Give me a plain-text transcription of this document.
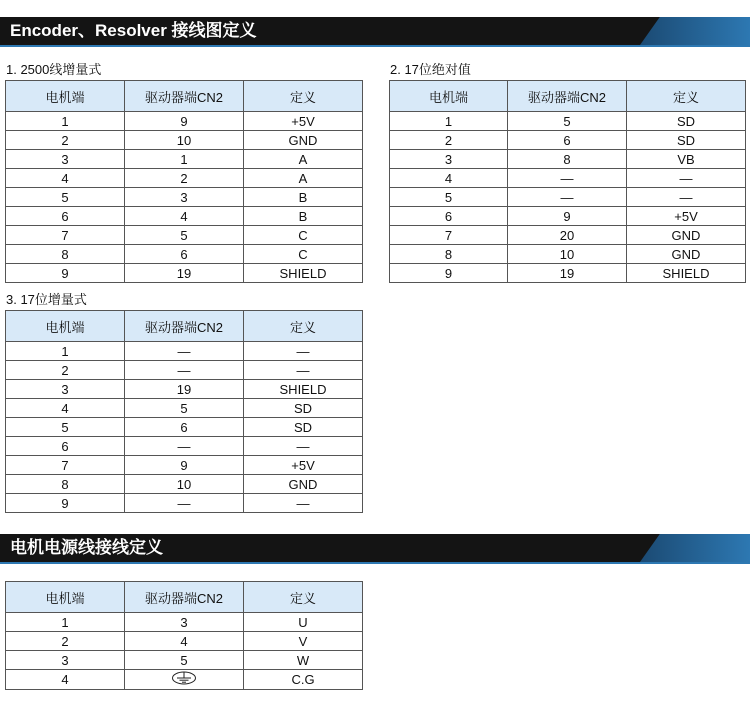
Encoder、Resolver 接线图定义
1. 2500线增量式
电机端	驱动器端CN2	定义
1	9	+5V
2	10	GND
3	1	A
4	2	A
5	3	B
6	4	B
7	5	C
8	6	C
9	19	SHIELD
2. 17位绝对值
电机端	驱动器端CN2	定义
1	5	SD
2	6	SD
3	8	VB
4	—	—
5	—	—
6	9	+5V
7	20	GND
8	10	GND
9	19	SHIELD
3. 17位增量式
电机端	驱动器端CN2	定义
1	—	—
2	—	—
3	19	SHIELD
4	5	SD
5	6	SD
6	—	—
7	9	+5V
8	10	GND
9	—	—
电机电源线接线定义
电机端	驱动器端CN2	定义
1	3	U
2	4	V
3	5	W
4		C.G
